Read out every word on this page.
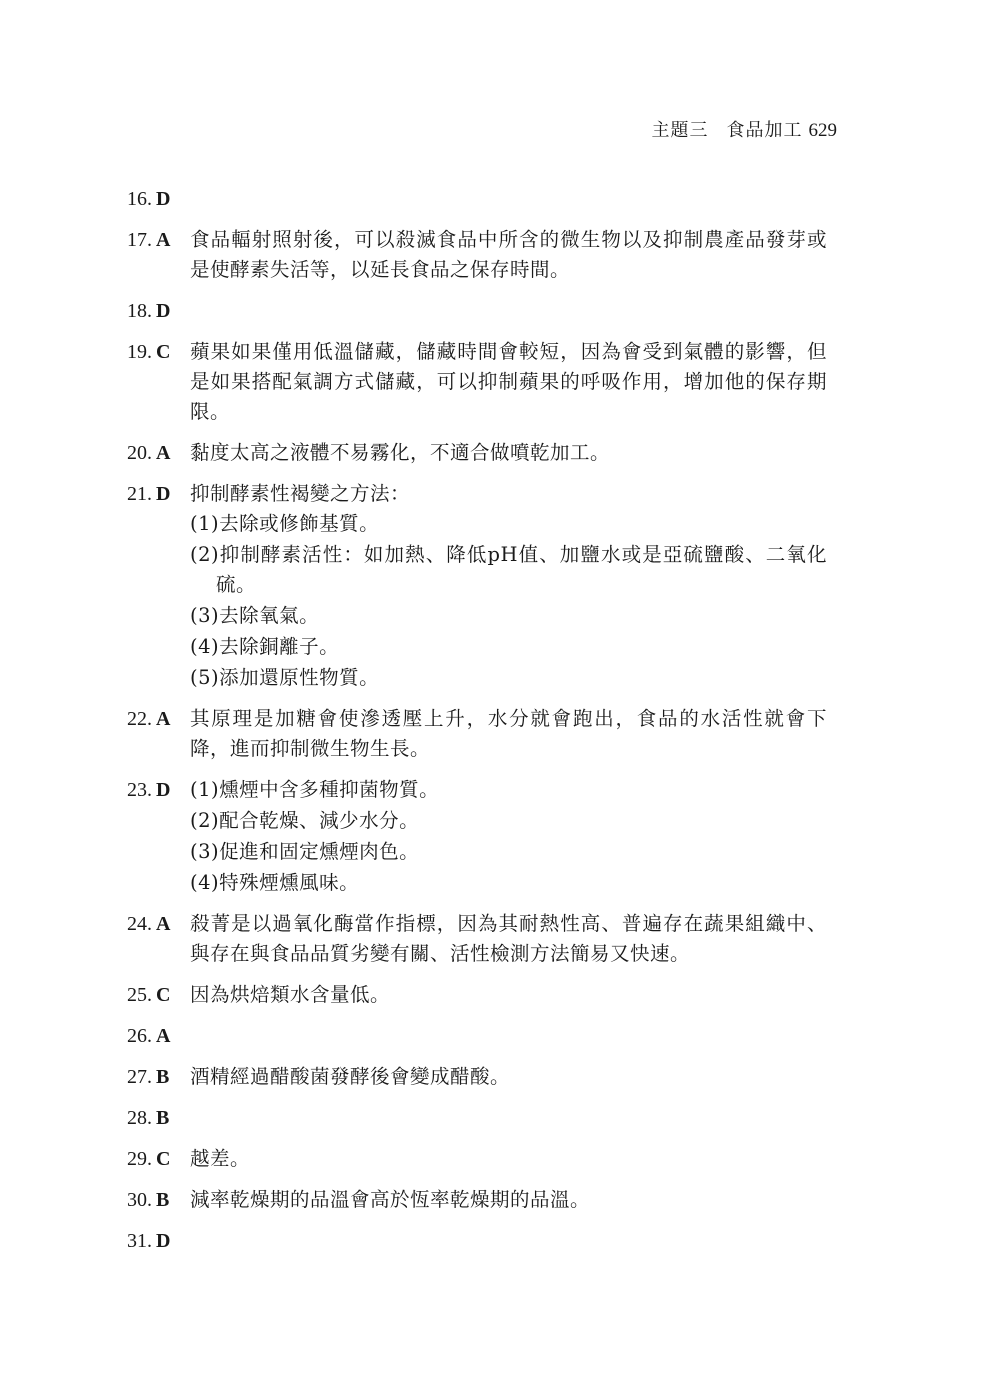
主題三 食品加工 629
16. D
17. A	食品輻射照射後，可以殺滅食品中所含的微生物以及抑制農產品發芽或是使酵素失活等，以延長食品之保存時間。
18. D
19. C	蘋果如果僅用低溫儲藏，儲藏時間會較短，因為會受到氣體的影響，但是如果搭配氣調方式儲藏，可以抑制蘋果的呼吸作用，增加他的保存期限。
20. A	黏度太高之液體不易霧化，不適合做噴乾加工。
21. D	抑制酵素性褐變之方法：
(1)去除或修飾基質。
(2)抑制酵素活性：如加熱、降低pH值、加鹽水或是亞硫鹽酸、二氧化硫。
(3)去除氧氣。
(4)去除銅離子。
(5)添加還原性物質。
22. A	其原理是加糖會使滲透壓上升，水分就會跑出，食品的水活性就會下降，進而抑制微生物生長。
23. D	(1)燻煙中含多種抑菌物質。
(2)配合乾燥、減少水分。
(3)促進和固定燻煙肉色。
(4)特殊煙燻風味。
24. A	殺菁是以過氧化酶當作指標，因為其耐熱性高、普遍存在蔬果組織中、與存在與食品品質劣變有關、活性檢測方法簡易又快速。
25. C	因為烘焙類水含量低。
26. A
27. B	酒精經過醋酸菌發酵後會變成醋酸。
28. B
29. C	越差。
30. B	減率乾燥期的品溫會高於恆率乾燥期的品溫。
31. D
